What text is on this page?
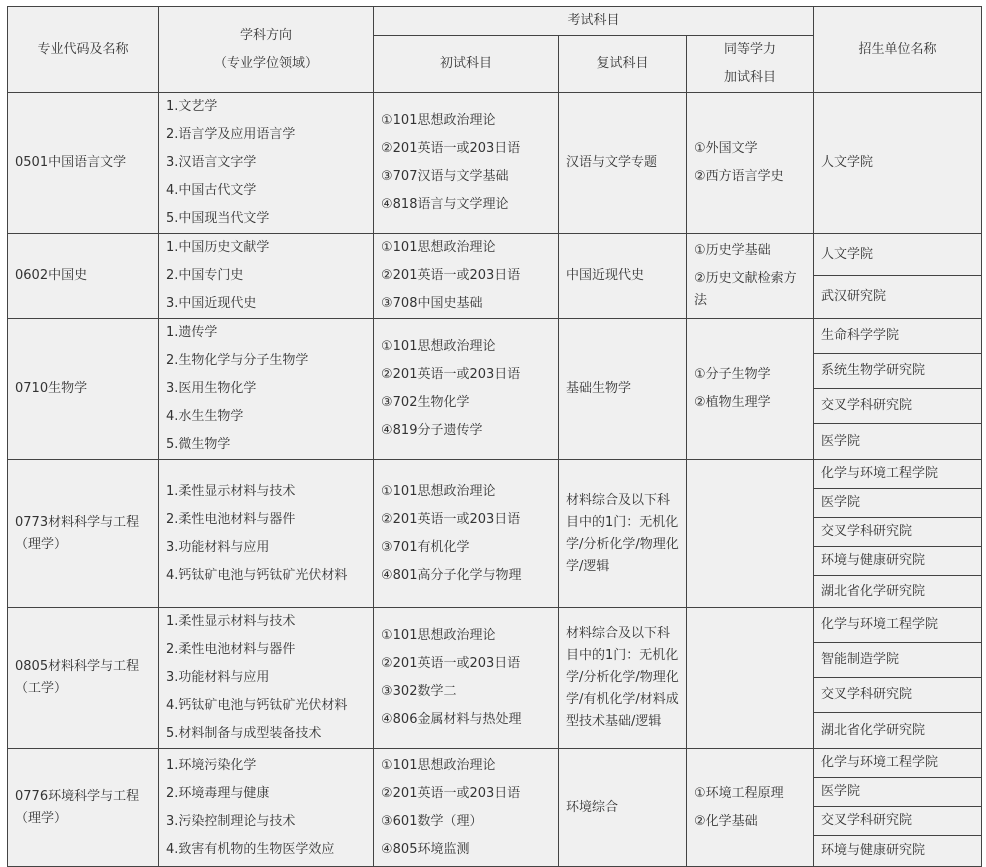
专业代码及名称	学科方向
（专业学位领域）	考试科目			招生单位名称
		初试科目	复试科目	同等学力
加试科目	

0501中国语言文学	1.文艺学
2.语言学及应用语言学
3.汉语言文字学
4.中国古代文学
5.中国现当代文学	①101思想政治理论
②201英语一或203日语
③707汉语与文学基础
④818语言与文学理论	汉语与文学专题	①外国文学
②西方语言学史	人文学院
0602中国史	1.中国历史文献学
2.中国专门史
3.中国近现代史	①101思想政治理论
②201英语一或203日语
③708中国史基础	中国近现代史	①历史学基础
②历史文献检索方法	人文学院
					武汉研究院
0710生物学	1.遗传学
2.生物化学与分子生物学
3.医用生物化学
4.水生生物学
5.微生物学	①101思想政治理论
②201英语一或203日语
③702生物化学
④819分子遗传学	基础生物学	①分子生物学
②植物生理学	生命科学学院
					系统生物学研究院
					交叉学科研究院
					医学院
0773材料科学与工程（理学）	1.柔性显示材料与技术
2.柔性电池材料与器件
3.功能材料与应用
4.钙钛矿电池与钙钛矿光伏材料	①101思想政治理论
②201英语一或203日语
③701有机化学
④801高分子化学与物理	材料综合及以下科目中的1门：无机化学/分析化学/物理化学/逻辑		化学与环境工程学院
					医学院
					交叉学科研究院
					环境与健康研究院
					湖北省化学研究院
0805材料科学与工程（工学）	1.柔性显示材料与技术
2.柔性电池材料与器件
3.功能材料与应用
4.钙钛矿电池与钙钛矿光伏材料
5.材料制备与成型装备技术	①101思想政治理论
②201英语一或203日语
③302数学二
④806金属材料与热处理	材料综合及以下科目中的1门：无机化学/分析化学/物理化学/有机化学/材料成型技术基础/逻辑		化学与环境工程学院
					智能制造学院
					交叉学科研究院
					湖北省化学研究院
0776环境科学与工程（理学）	1.环境污染化学
2.环境毒理与健康
3.污染控制理论与技术
4.致害有机物的生物医学效应	①101思想政治理论
②201英语一或203日语
③601数学（理）
④805环境监测	环境综合	①环境工程原理
②化学基础	化学与环境工程学院
					医学院
					交叉学科研究院
					环境与健康研究院
